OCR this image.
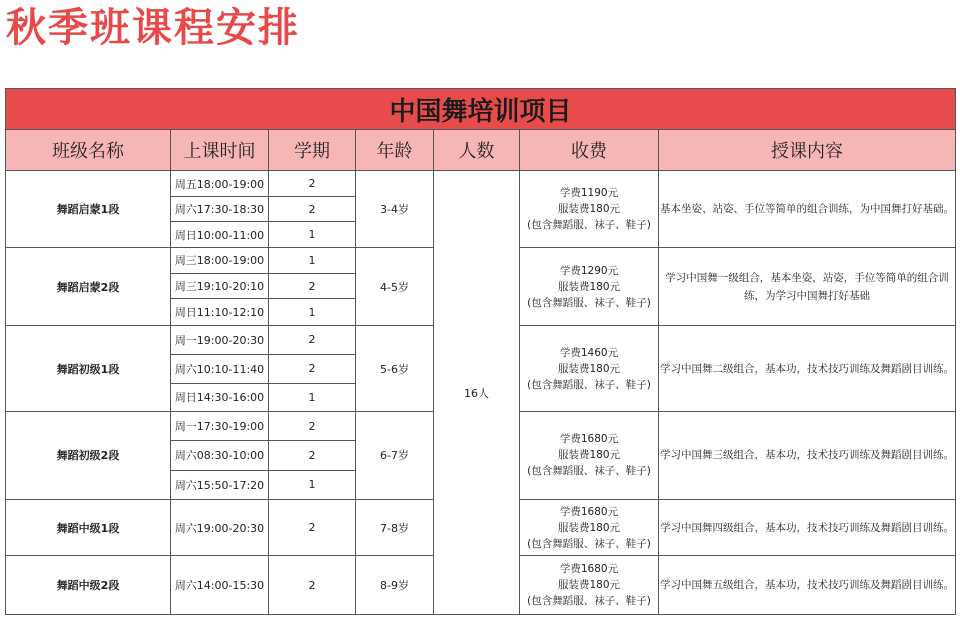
秋季班课程安排
中国舞培训项目						
班级名称	上课时间	学期	年龄	人数	收费	授课内容
舞蹈启蒙1段	周五18:00-19:00	2	3-4岁	16人	学费1190元
服装费180元
(包含舞蹈服、袜子、鞋子)	基本坐姿、站姿、手位等简单的组合训练，为中国舞打好基础。
	周六17:30-18:30	2				
	周日10:00-11:00	1				
舞蹈启蒙2段	周三18:00-19:00	1	4-5岁		学费1290元
服装费180元
(包含舞蹈服、袜子、鞋子)	学习中国舞一级组合，基本坐姿，站姿，手位等简单的组合训练，为学习中国舞打好基础
	周三19:10-20:10	2				
	周日11:10-12:10	1				
舞蹈初级1段	周一19:00-20:30	2	5-6岁		学费1460元
服装费180元
(包含舞蹈服、袜子、鞋子)	学习中国舞二级组合，基本功，技术技巧训练及舞蹈剧目训练。
	周六10:10-11:40	2				
	周日14:30-16:00	1				
舞蹈初级2段	周一17:30-19:00	2	6-7岁		学费1680元
服装费180元
(包含舞蹈服、袜子、鞋子)	学习中国舞三级组合，基本功，技术技巧训练及舞蹈剧目训练。
	周六08:30-10:00	2				
	周六15:50-17:20	1				
舞蹈中级1段	周六19:00-20:30	2	7-8岁		学费1680元
服装费180元
(包含舞蹈服、袜子、鞋子)	学习中国舞四级组合，基本功，技术技巧训练及舞蹈剧目训练。
舞蹈中级2段	周六14:00-15:30	2	8-9岁		学费1680元
服装费180元
(包含舞蹈服、袜子、鞋子)	学习中国舞五级组合，基本功，技术技巧训练及舞蹈剧目训练。
